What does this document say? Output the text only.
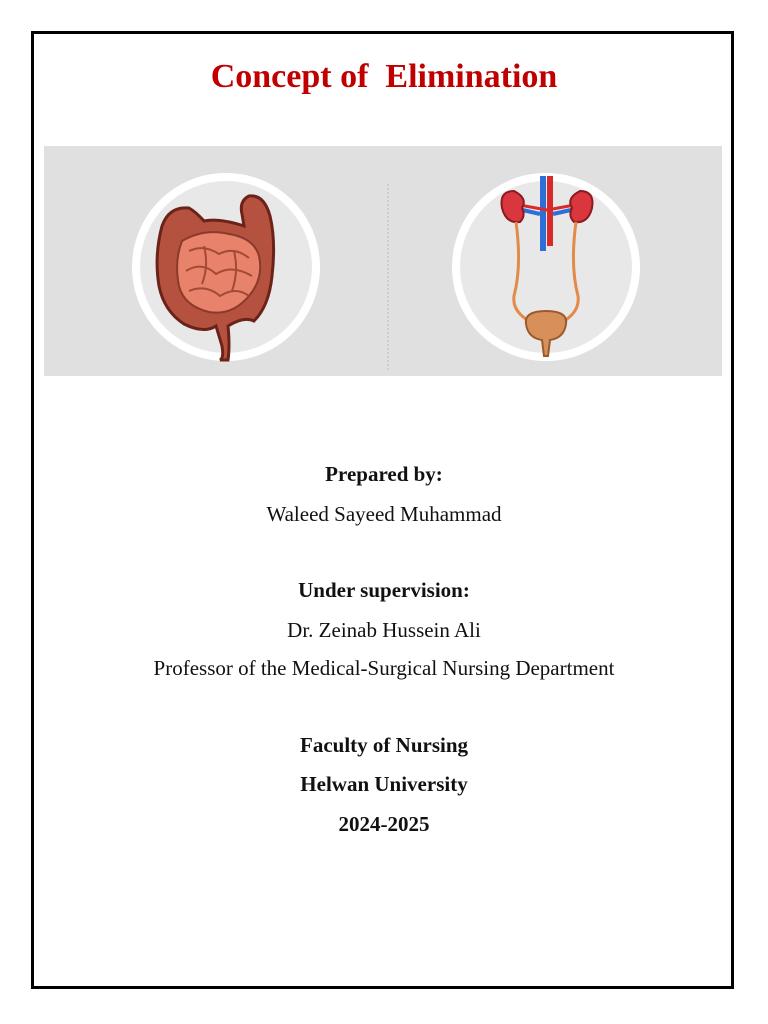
Concept of  Elimination
Prepared by:
Waleed Sayeed Muhammad
Under supervision:
Dr. Zeinab Hussein Ali
Professor of the Medical-Surgical Nursing Department
Faculty of Nursing
Helwan University
2024-2025
